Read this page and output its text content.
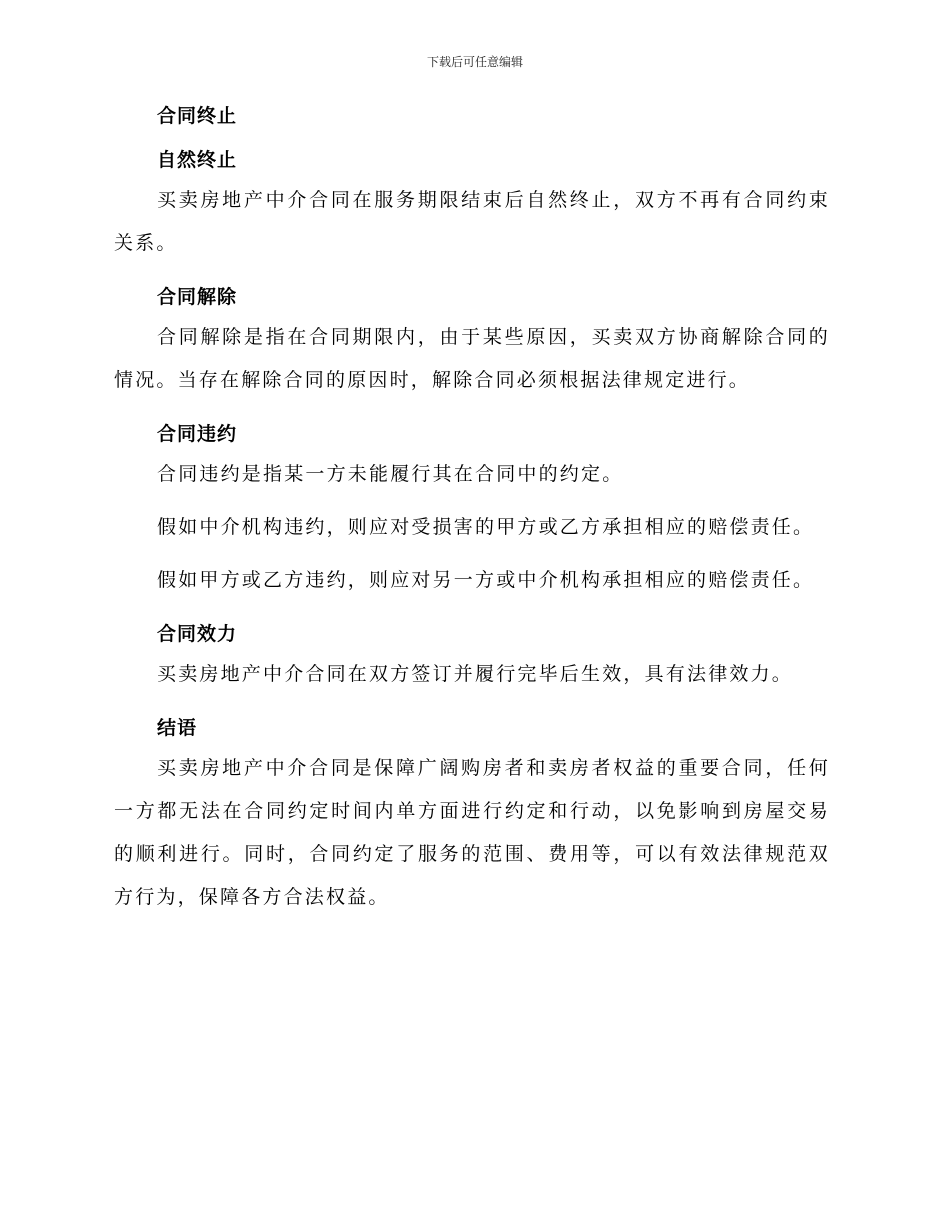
下载后可任意编辑
合同终止
自然终止

买卖房地产中介合同在服务期限结束后自然终止，双方不再有合同约束关系。

合同解除

合同解除是指在合同期限内，由于某些原因，买卖双方协商解除合同的情况。当存在解除合同的原因时，解除合同必须根据法律规定进行。

合同违约

合同违约是指某一方未能履行其在合同中的约定。

假如中介机构违约，则应对受损害的甲方或乙方承担相应的赔偿责任。

假如甲方或乙方违约，则应对另一方或中介机构承担相应的赔偿责任。

合同效力

买卖房地产中介合同在双方签订并履行完毕后生效，具有法律效力。

结语

买卖房地产中介合同是保障广阔购房者和卖房者权益的重要合同，任何一方都无法在合同约定时间内单方面进行约定和行动，以免影响到房屋交易的顺利进行。同时，合同约定了服务的范围、费用等，可以有效法律规范双方行为，保障各方合法权益。
